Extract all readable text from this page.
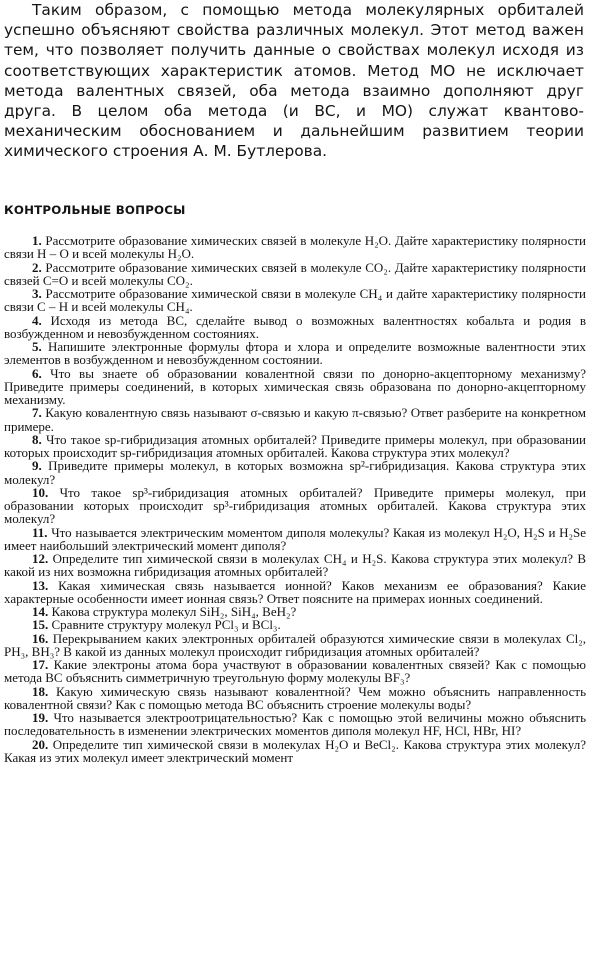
Таким образом, с помощью метода молекулярных орбиталей успешно объясняют свойства различных молекул. Этот метод важен тем, что позволяет получить данные о свойствах молекул исходя из соответствующих характеристик атомов. Метод МО не исключает метода валентных связей, оба метода взаимно дополняют друг друга. В целом оба метода (и ВС, и МО) служат квантово-механическим обоснованием и дальнейшим развитием теории химического строения А. М. Бутлерова.

КОНТРОЛЬНЫЕ ВОПРОСЫ

1. Рассмотрите образование химических связей в молекуле H₂O. Дайте характеристику полярности связи H – O и всей молекулы H₂O.

2. Рассмотрите образование химических связей в молекуле CO₂. Дайте характеристику полярности связей C=O и всей молекулы CO₂.

3. Рассмотрите образование химической связи в молекуле CH₄ и дайте характеристику полярности связи C – H и всей молекулы CH₄.

4. Исходя из метода ВС, сделайте вывод о возможных валентностях кобальта и родия в возбужденном и невозбужденном состояниях.

5. Напишите электронные формулы фтора и хлора и определите возможные валентности этих элементов в возбужденном и невозбужденном состоянии.

6. Что вы знаете об образовании ковалентной связи по донорно-акцепторному механизму? Приведите примеры соединений, в которых химическая связь образована по донорно-акцепторному механизму.

7. Какую ковалентную связь называют σ-связью и какую π-связью? Ответ разберите на конкретном примере.

8. Что такое sp-гибридизация атомных орбиталей? Приведите примеры молекул, при образовании которых происходит sp-гибридизация атомных орбиталей. Какова структура этих молекул?

9. Приведите примеры молекул, в которых возможна sp²-гибридизация. Какова структура этих молекул?

10. Что такое sp³-гибридизация атомных орбиталей? Приведите примеры молекул, при образовании которых происходит sp³-гибридизация атомных орбиталей. Какова структура этих молекул?

11. Что называется электрическим моментом диполя молекулы? Какая из молекул H₂O, H₂S и H₂Se имеет наибольший электрический момент диполя?

12. Определите тип химической связи в молекулах CH₄ и H₂S. Какова структура этих молекул? В какой из них возможна гибридизация атомных орбиталей?

13. Какая химическая связь называется ионной? Каков механизм ее образования? Какие характерные особенности имеет ионная связь? Ответ поясните на примерах ионных соединений.

14. Какова структура молекул SiH₂, SiH₄, BeH₂?

15. Сравните структуру молекул PCl₃ и BCl₃.

16. Перекрыванием каких электронных орбиталей образуются химические связи в молекулах Cl₂, PH₃, BH₃? В какой из данных молекул происходит гибридизация атомных орбиталей?

17. Какие электроны атома бора участвуют в образовании ковалентных связей? Как с помощью метода ВС объяснить симметричную треугольную форму молекулы BF₃?

18. Какую химическую связь называют ковалентной? Чем можно объяснить направленность ковалентной связи? Как с помощью метода ВС объяснить строение молекулы воды?

19. Что называется электроотрицательностью? Как с помощью этой величины можно объяснить последовательность в изменении электрических моментов диполя молекул HF, HCl, HBr, HI?

20. Определите тип химической связи в молекулах H₂O и BeCl₂. Какова структура этих молекул? Какая из этих молекул имеет электрический момент
